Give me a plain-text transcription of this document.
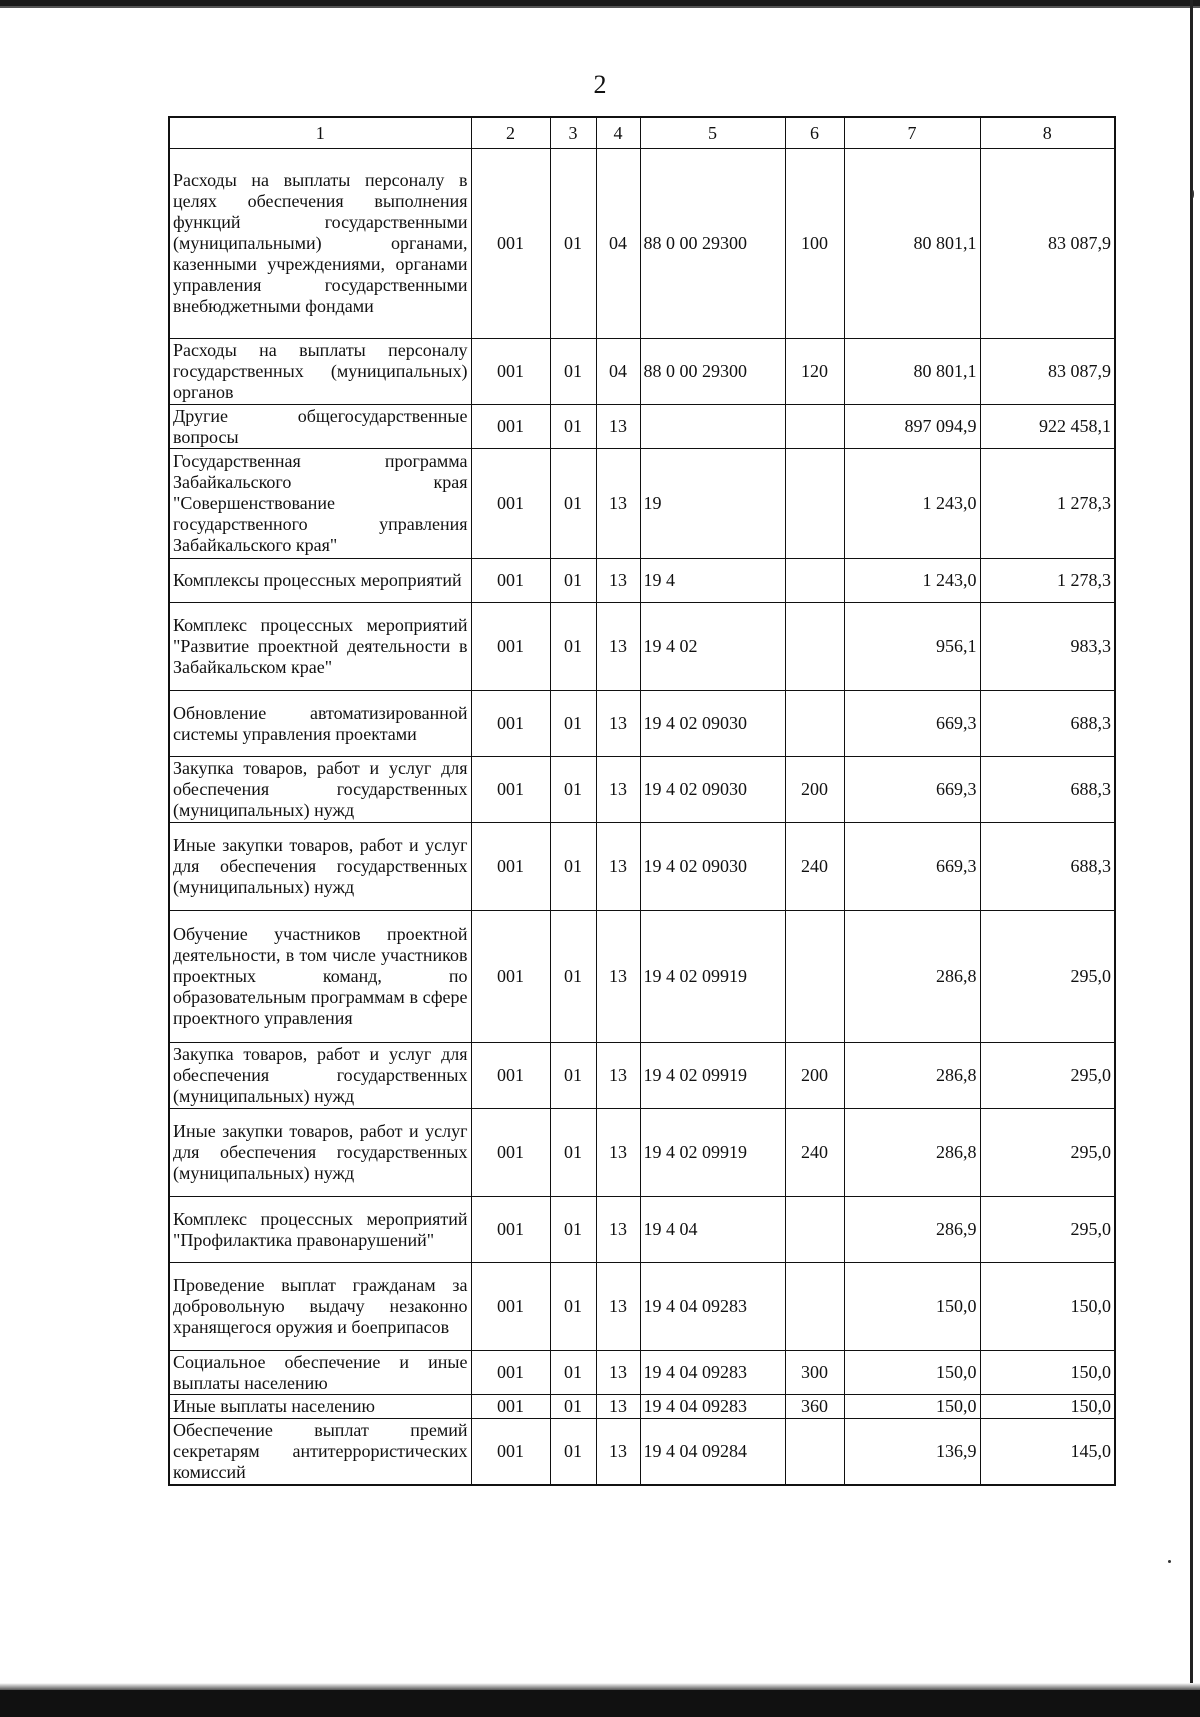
2
1	2	3	4	5	6	7	8
Расходы на выплаты персоналу в целях обеспечения выполнения функций государственными (муниципальными) органами, казенными учреждениями, органами управления государственными внебюджетными фондами	001	01	04	88 0 00 29300	100	80 801,1	83 087,9
Расходы на выплаты персоналу государственных (муниципальных) органов	001	01	04	88 0 00 29300	120	80 801,1	83 087,9
Другие общегосударственные вопросы	001	01	13			897 094,9	922 458,1
Государственная программа Забайкальского края "Совершенствование государственного управления Забайкальского края"	001	01	13	19		1 243,0	1 278,3
Комплексы процессных мероприятий	001	01	13	19 4		1 243,0	1 278,3
Комплекс процессных мероприятий "Развитие проектной деятельности в Забайкальском крае"	001	01	13	19 4 02		956,1	983,3
Обновление автоматизированной системы управления проектами	001	01	13	19 4 02 09030		669,3	688,3
Закупка товаров, работ и услуг для обеспечения государственных (муниципальных) нужд	001	01	13	19 4 02 09030	200	669,3	688,3
Иные закупки товаров, работ и услуг для обеспечения государственных (муниципальных) нужд	001	01	13	19 4 02 09030	240	669,3	688,3
Обучение участников проектной деятельности, в том числе участников проектных команд, по образовательным программам в сфере проектного управления	001	01	13	19 4 02 09919		286,8	295,0
Закупка товаров, работ и услуг для обеспечения государственных (муниципальных) нужд	001	01	13	19 4 02 09919	200	286,8	295,0
Иные закупки товаров, работ и услуг для обеспечения государственных (муниципальных) нужд	001	01	13	19 4 02 09919	240	286,8	295,0
Комплекс процессных мероприятий "Профилактика правонарушений"	001	01	13	19 4 04		286,9	295,0
Проведение выплат гражданам за добровольную выдачу незаконно хранящегося оружия и боеприпасов	001	01	13	19 4 04 09283		150,0	150,0
Социальное обеспечение и иные выплаты населению	001	01	13	19 4 04 09283	300	150,0	150,0
Иные выплаты населению	001	01	13	19 4 04 09283	360	150,0	150,0
Обеспечение выплат премий секретарям антитеррористических комиссий	001	01	13	19 4 04 09284		136,9	145,0
